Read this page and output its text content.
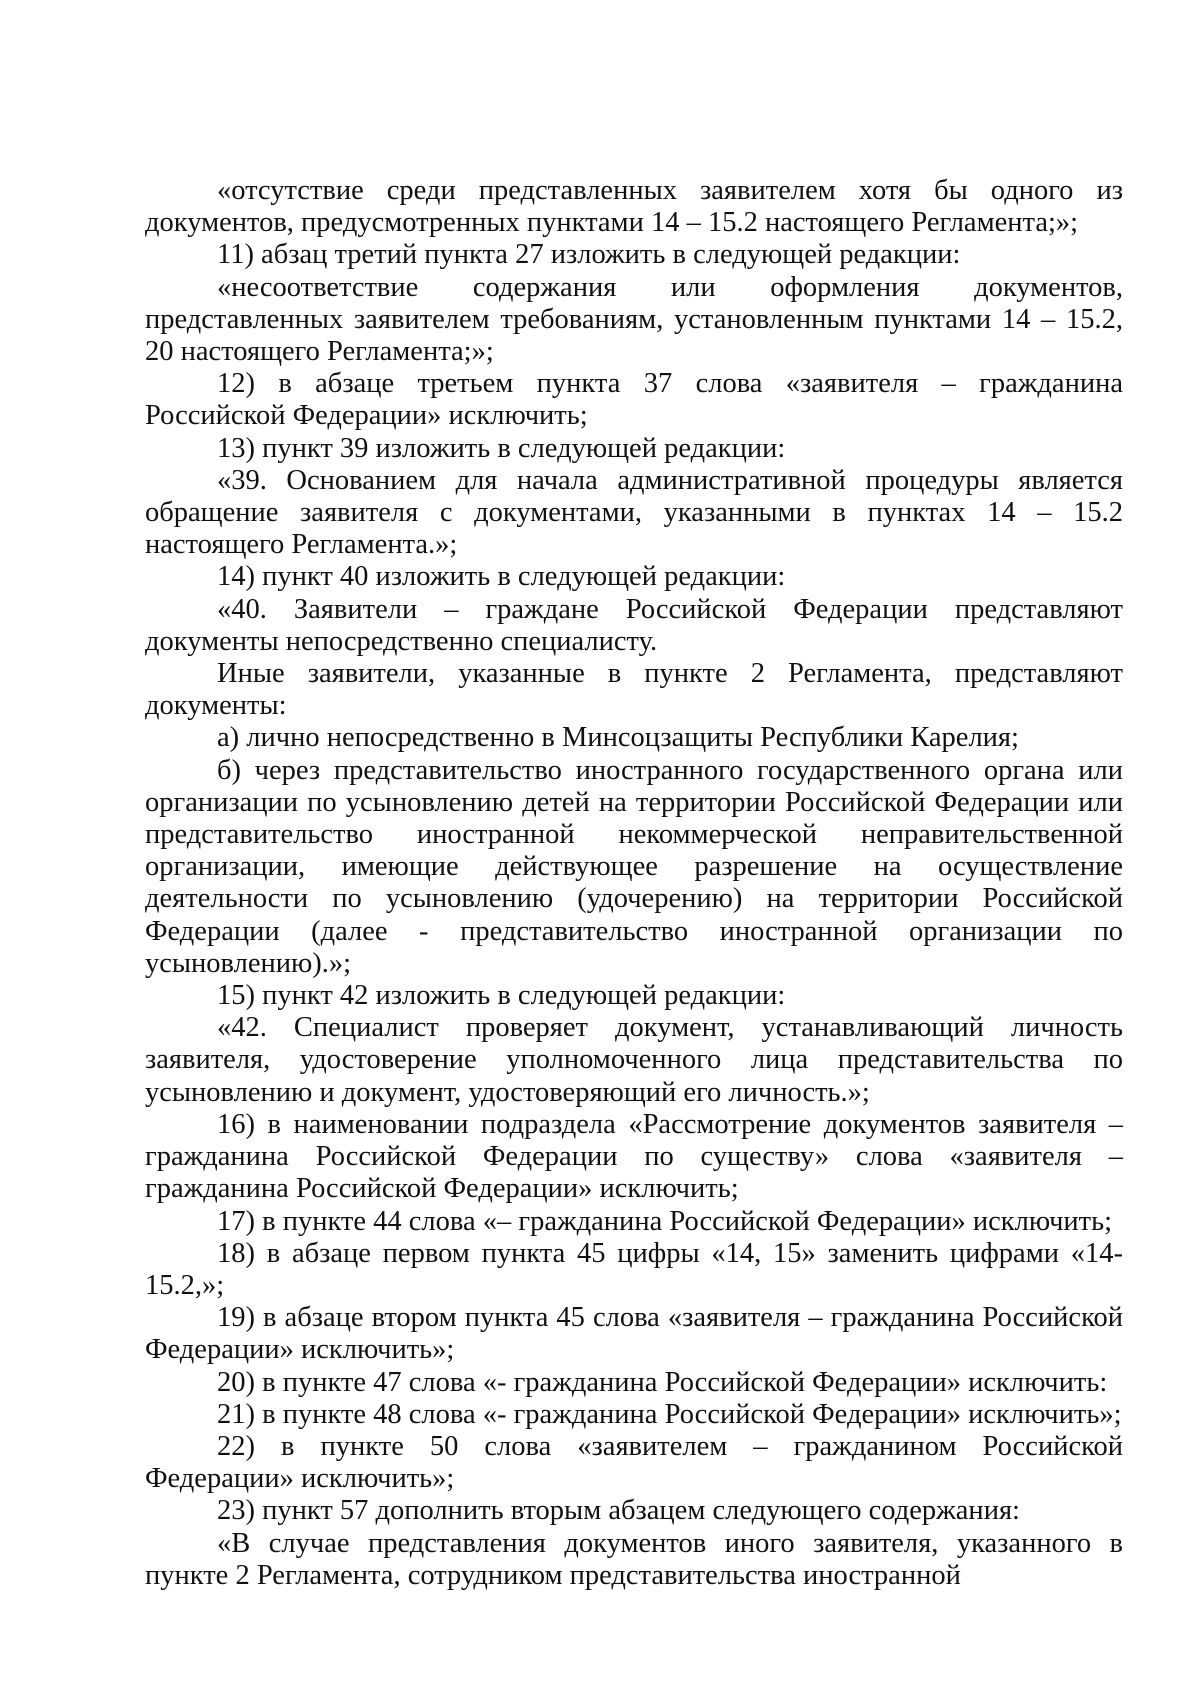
«отсутствие среди представленных заявителем хотя бы одного из документов, предусмотренных пунктами 14 – 15.2 настоящего Регламента;»;

11) абзац третий пункта 27 изложить в следующей редакции:

«несоответствие содержания или оформления документов, представленных заявителем требованиям, установленным пунктами 14 – 15.2, 20 настоящего Регламента;»;

12) в абзаце третьем пункта 37 слова «заявителя – гражданина Российской Федерации» исключить;

13) пункт 39 изложить в следующей редакции:

«39. Основанием для начала административной процедуры является обращение заявителя с документами, указанными в пунктах 14 – 15.2 настоящего Регламента.»;

14) пункт 40 изложить в следующей редакции:

«40. Заявители – граждане Российской Федерации представляют документы непосредственно специалисту.

Иные заявители, указанные в пункте 2 Регламента, представляют документы:

а) лично непосредственно в Минсоцзащиты Республики Карелия;

б) через представительство иностранного государственного органа или организации по усыновлению детей на территории Российской Федерации или представительство иностранной некоммерческой неправительственной организации, имеющие действующее разрешение на осуществление деятельности по усыновлению (удочерению) на территории Российской Федерации (далее - представительство иностранной организации по усыновлению).»;

15) пункт 42 изложить в следующей редакции:

«42. Специалист проверяет документ, устанавливающий личность заявителя, удостоверение уполномоченного лица представительства по усыновлению и документ, удостоверяющий его личность.»;

16) в наименовании подраздела «Рассмотрение документов заявителя – гражданина Российской Федерации по существу» слова «заявителя – гражданина Российской Федерации» исключить;

17) в пункте 44 слова «– гражданина Российской Федерации» исключить;

18) в абзаце первом пункта 45 цифры «14, 15» заменить цифрами «14-15.2,»;

19) в абзаце втором пункта 45 слова «заявителя – гражданина Российской Федерации» исключить»;

20) в пункте 47 слова «- гражданина Российской Федерации» исключить:

21) в пункте 48 слова «- гражданина Российской Федерации» исключить»;

22) в пункте 50 слова «заявителем – гражданином Российской Федерации» исключить»;

23) пункт 57 дополнить вторым абзацем следующего содержания:

«В случае представления документов иного заявителя, указанного в пункте 2 Регламента, сотрудником представительства иностранной
